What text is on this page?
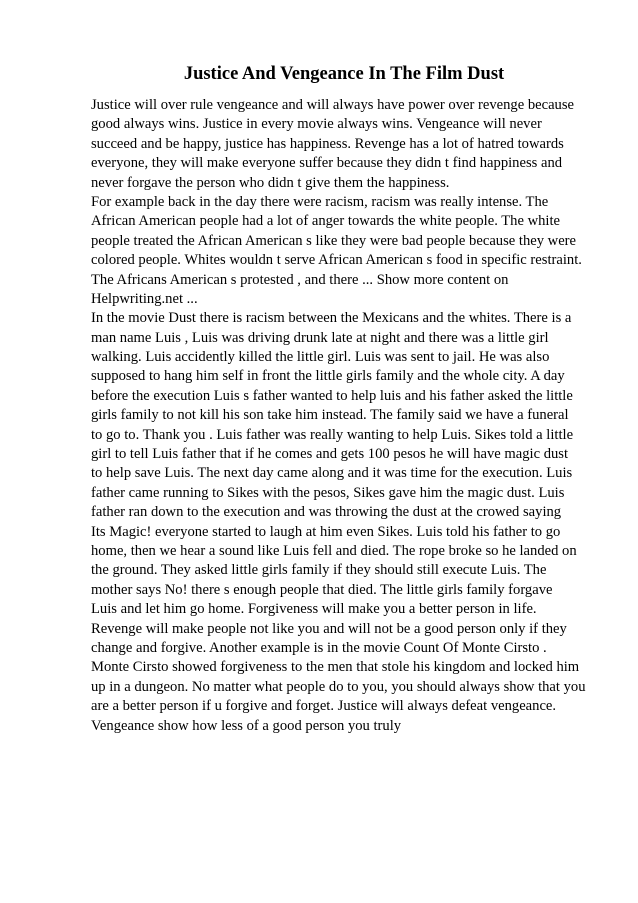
Justice And Vengeance In The Film Dust
Justice will over rule vengeance and will always have power over revenge because
good always wins. Justice in every movie always wins. Vengeance will never
succeed and be happy, justice has happiness. Revenge has a lot of hatred towards
everyone, they will make everyone suffer because they didn t find happiness and
never forgave the person who didn t give them the happiness.
For example back in the day there were racism, racism was really intense. The
African American people had a lot of anger towards the white people. The white
people treated the African American s like they were bad people because they were
colored people. Whites wouldn t serve African American s food in specific restraint.
The Africans American s protested , and there ... Show more content on
Helpwriting.net ...
In the movie Dust there is racism between the Mexicans and the whites. There is a
man name Luis , Luis was driving drunk late at night and there was a little girl
walking. Luis accidently killed the little girl. Luis was sent to jail. He was also
supposed to hang him self in front the little girls family and the whole city. A day
before the execution Luis s father wanted to help luis and his father asked the little
girls family to not kill his son take him instead. The family said we have a funeral
to go to. Thank you . Luis father was really wanting to help Luis. Sikes told a little
girl to tell Luis father that if he comes and gets 100 pesos he will have magic dust
to help save Luis. The next day came along and it was time for the execution. Luis
father came running to Sikes with the pesos, Sikes gave him the magic dust. Luis
father ran down to the execution and was throwing the dust at the crowed saying
Its Magic! everyone started to laugh at him even Sikes. Luis told his father to go
home, then we hear a sound like Luis fell and died. The rope broke so he landed on
the ground. They asked little girls family if they should still execute Luis. The
mother says No! there s enough people that died. The little girls family forgave
Luis and let him go home. Forgiveness will make you a better person in life.
Revenge will make people not like you and will not be a good person only if they
change and forgive. Another example is in the movie Count Of Monte Cirsto .
Monte Cirsto showed forgiveness to the men that stole his kingdom and locked him
up in a dungeon. No matter what people do to you, you should always show that you
are a better person if u forgive and forget. Justice will always defeat vengeance.
Vengeance show how less of a good person you truly
